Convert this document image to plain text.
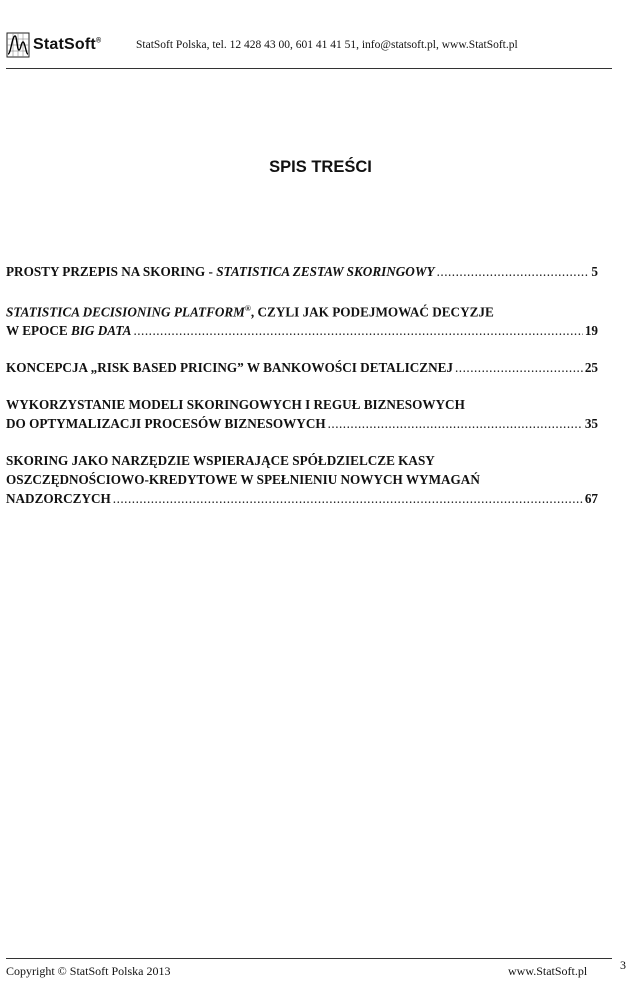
StatSoft®	StatSoft Polska, tel. 12 428 43 00, 601 41 41 51, info@statsoft.pl, www.StatSoft.pl
SPIS TREŚCI
PROSTY PRZEPIS NA SKORING - STATISTICA ZESTAW SKORINGOWY .....	5
STATISTICA DECISIONING PLATFORM®, CZYLI JAK PODEJMOWAĆ DECYZJE
W EPOCE BIG DATA .....	19
KONCEPCJA „RISK BASED PRICING” W BANKOWOŚCI DETALICZNEJ .....	25
WYKORZYSTANIE MODELI SKORINGOWYCH I REGUŁ BIZNESOWYCH
DO OPTYMALIZACJI PROCESÓW BIZNESOWYCH .....	35
SKORING JAKO NARZĘDZIE WSPIERAJĄCE SPÓŁDZIELCZE KASY
OSZCZĘDNOŚCIOWO-KREDYTOWE W SPEŁNIENIU NOWYCH WYMAGAŃ
NADZORCZYCH .....	67
Copyright © StatSoft Polska 2013	www.StatSoft.pl	3
